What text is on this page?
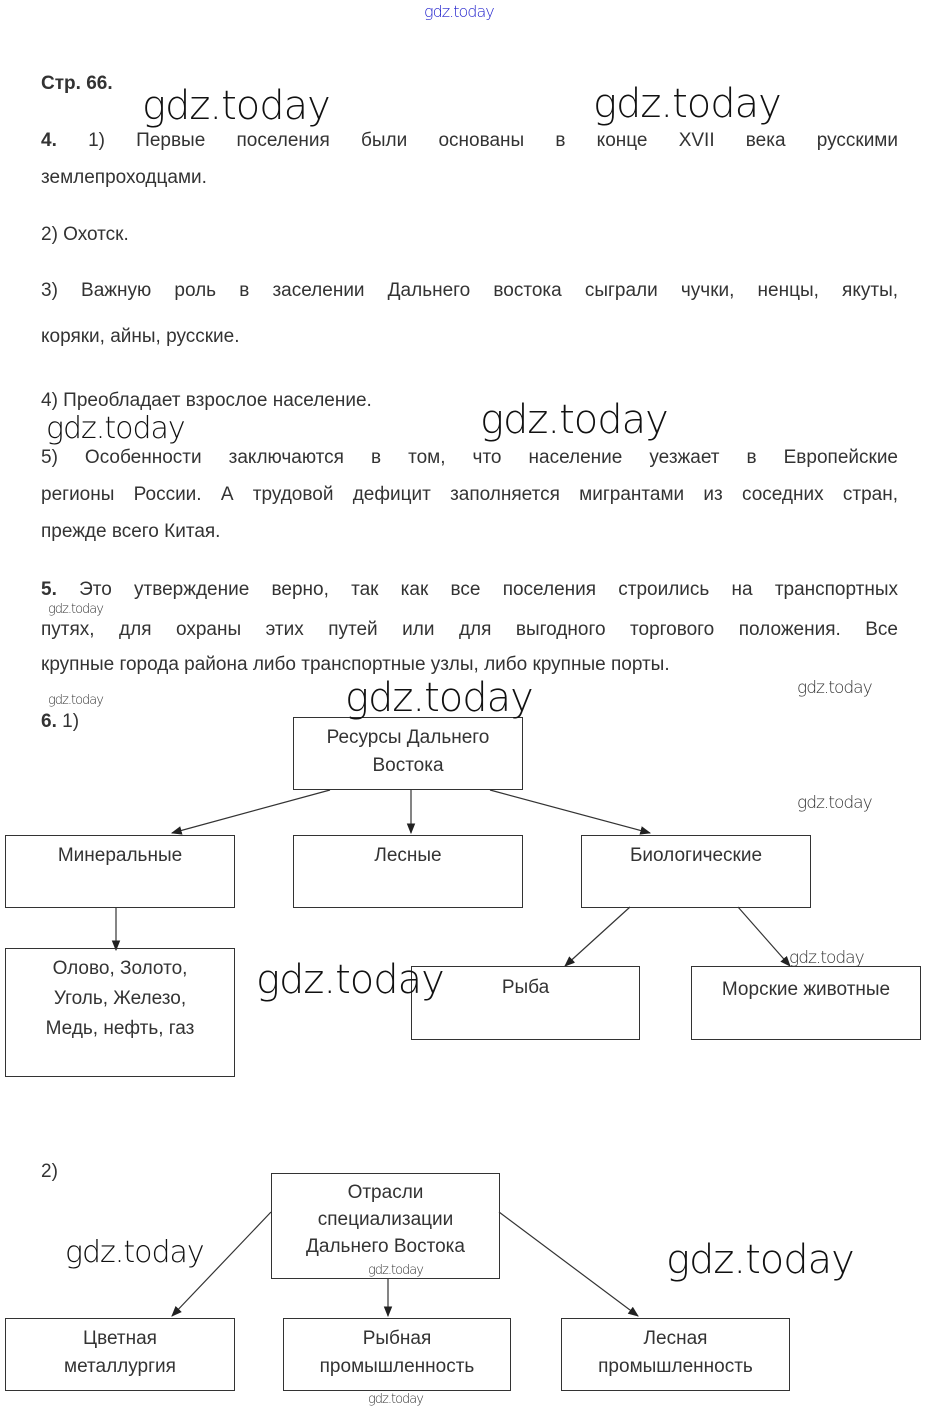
Стр. 66.
4. 1) Первые поселения были основаны в конце XVII века русскими
землепроходцами.
2) Охотск.
3) Важную роль в заселении Дальнего востока сыграли чучки, ненцы, якуты,
коряки, айны, русские.
4) Преобладает взрослое население.
5) Особенности заключаются в том, что население уезжает в Европейские
регионы России. А трудовой дефицит заполняется мигрантами из соседних стран,
прежде всего Китая.
5. Это утверждение верно, так как все поселения строились на транспортных
путях, для охраны этих путей или для выгодного торгового положения. Все
крупные города района либо транспортные узлы, либо крупные порты.
6. 1)
Ресурсы Дальнего
Востока
Минеральные	Лесные	Биологические
Олово, Золото,
Уголь, Железо,
Медь, нефть, газ
Рыба	Морские животные
2)
Отрасли
специализации
Дальнего Востока
Цветная
металлургия
Рыбная
промышленность
Лесная
промышленность
gdz.today
gdz.today	gdz.today
gdz.today	gdz.today
gdz.today
gdz.today
gdz.today	gdz.today
gdz.today
gdz.today	gdz.today
gdz.today
gdz.today	gdz.today
gdz.today
